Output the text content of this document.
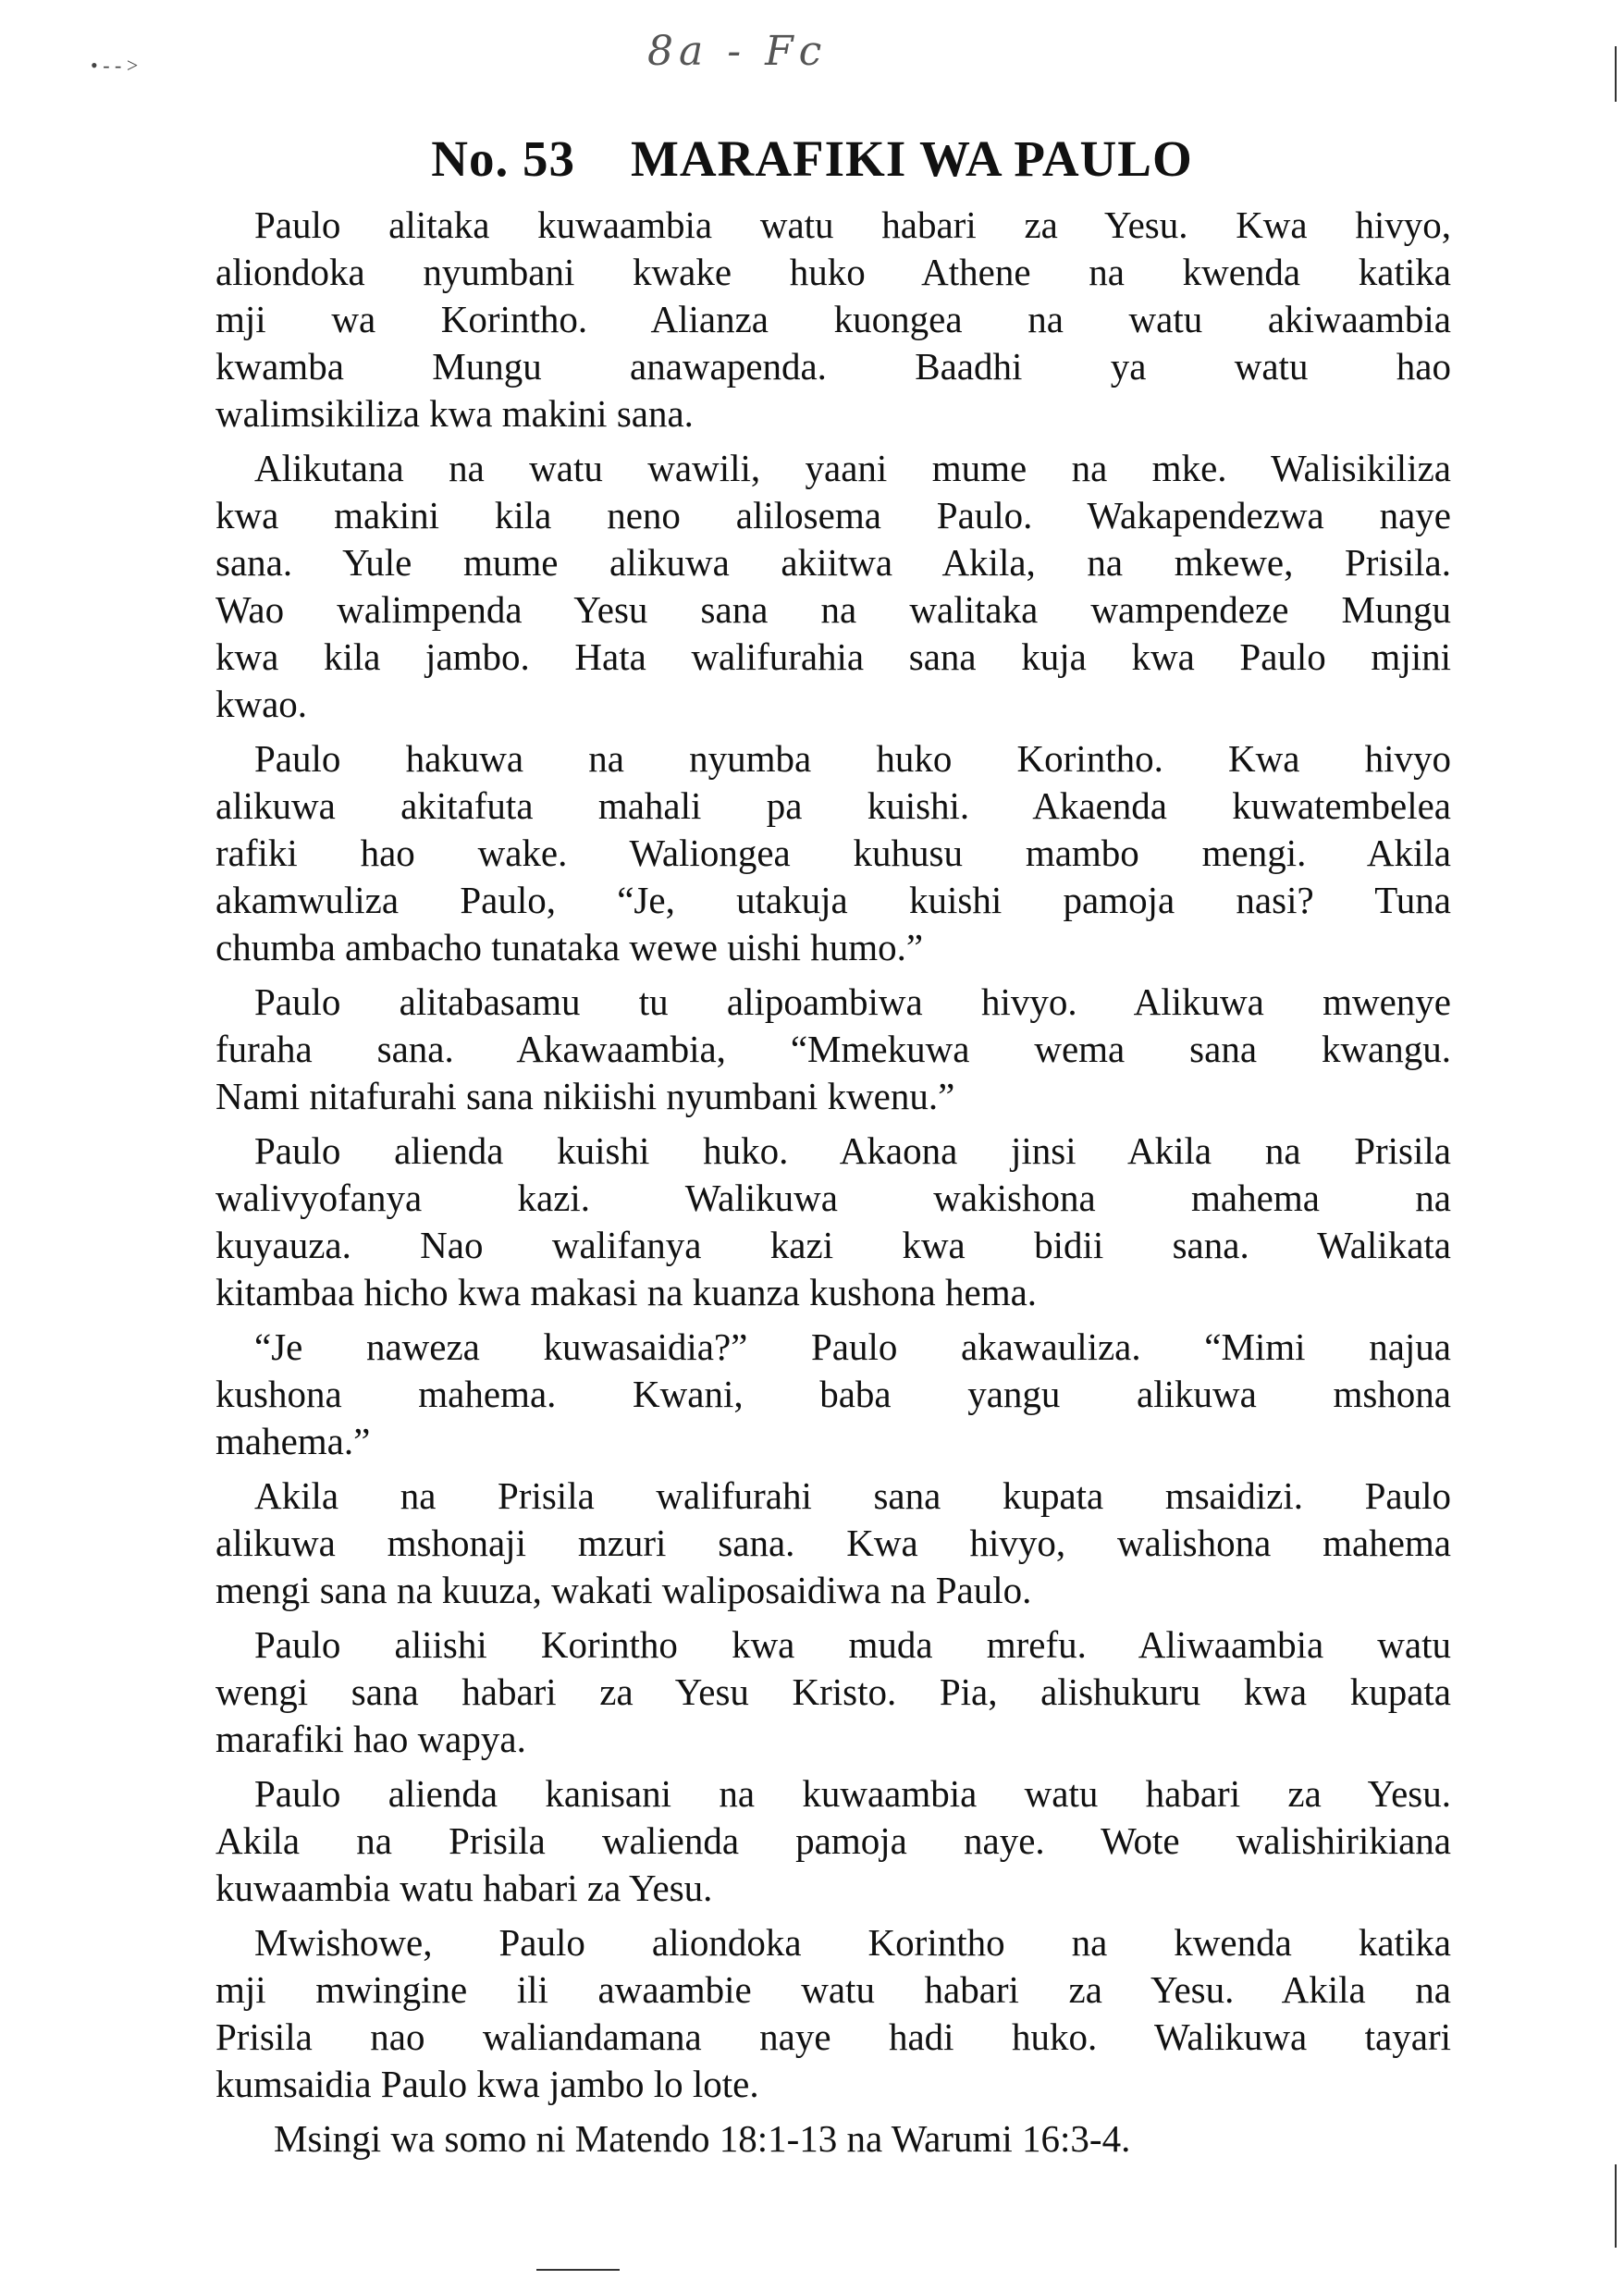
8a - Fc
• - - ˃
No. 53 MARAFIKI WA PAULO
Paulo alitaka kuwaambia watu habari za Yesu. Kwa hivyo,
aliondoka nyumbani kwake huko Athene na kwenda katika
mji wa Korintho. Alianza kuongea na watu akiwaambia
kwamba Mungu anawapenda. Baadhi ya watu hao
walimsikiliza kwa makini sana.
Alikutana na watu wawili, yaani mume na mke. Walisikiliza
kwa makini kila neno alilosema Paulo. Wakapendezwa naye
sana. Yule mume alikuwa akiitwa Akila, na mkewe, Prisila.
Wao walimpenda Yesu sana na walitaka wampendeze Mungu
kwa kila jambo. Hata walifurahia sana kuja kwa Paulo mjini
kwao.
Paulo hakuwa na nyumba huko Korintho. Kwa hivyo
alikuwa akitafuta mahali pa kuishi. Akaenda kuwatembelea
rafiki hao wake. Waliongea kuhusu mambo mengi. Akila
akamwuliza Paulo, “Je, utakuja kuishi pamoja nasi? Tuna
chumba ambacho tunataka wewe uishi humo.”
Paulo alitabasamu tu alipoambiwa hivyo. Alikuwa mwenye
furaha sana. Akawaambia, “Mmekuwa wema sana kwangu.
Nami nitafurahi sana nikiishi nyumbani kwenu.”
Paulo aliendа kuishi huko. Akaona jinsi Akila na Prisila
walivyofanya kazi. Walikuwa wakishona mahema na
kuyauza. Nao walifanya kazi kwa bidii sana. Walikata
kitambaa hicho kwa makasi na kuanza kushona hema.
“Je naweza kuwasaidia?” Paulo akawauliza. “Mimi najua
kushona mahema. Kwani, baba yangu alikuwa mshona
mahema.”
Akila na Prisila walifurahi sana kupata msaidizi. Paulo
alikuwa mshonaji mzuri sana. Kwa hivyo, walishona mahema
mengi sana na kuuza, wakati waliposaidiwa na Paulo.
Paulo aliishi Korintho kwa muda mrefu. Aliwaambia watu
wengi sana habari za Yesu Kristo. Pia, alishukuru kwa kupata
marafiki hao wapya.
Paulo alienda kanisani na kuwaambia watu habari za Yesu.
Akila na Prisila walienda pamoja naye. Wote walishirikiana
kuwaambia watu habari za Yesu.
Mwishowe, Paulo aliondoka Korintho na kwenda katika
mji mwingine ili awaambie watu habari za Yesu. Akila na
Prisila nao waliandamana naye hadi huko. Walikuwa tayari
kumsaidia Paulo kwa jambo lo lote.
Msingi wa somo ni Matendo 18:1-13 na Warumi 16:3-4.
